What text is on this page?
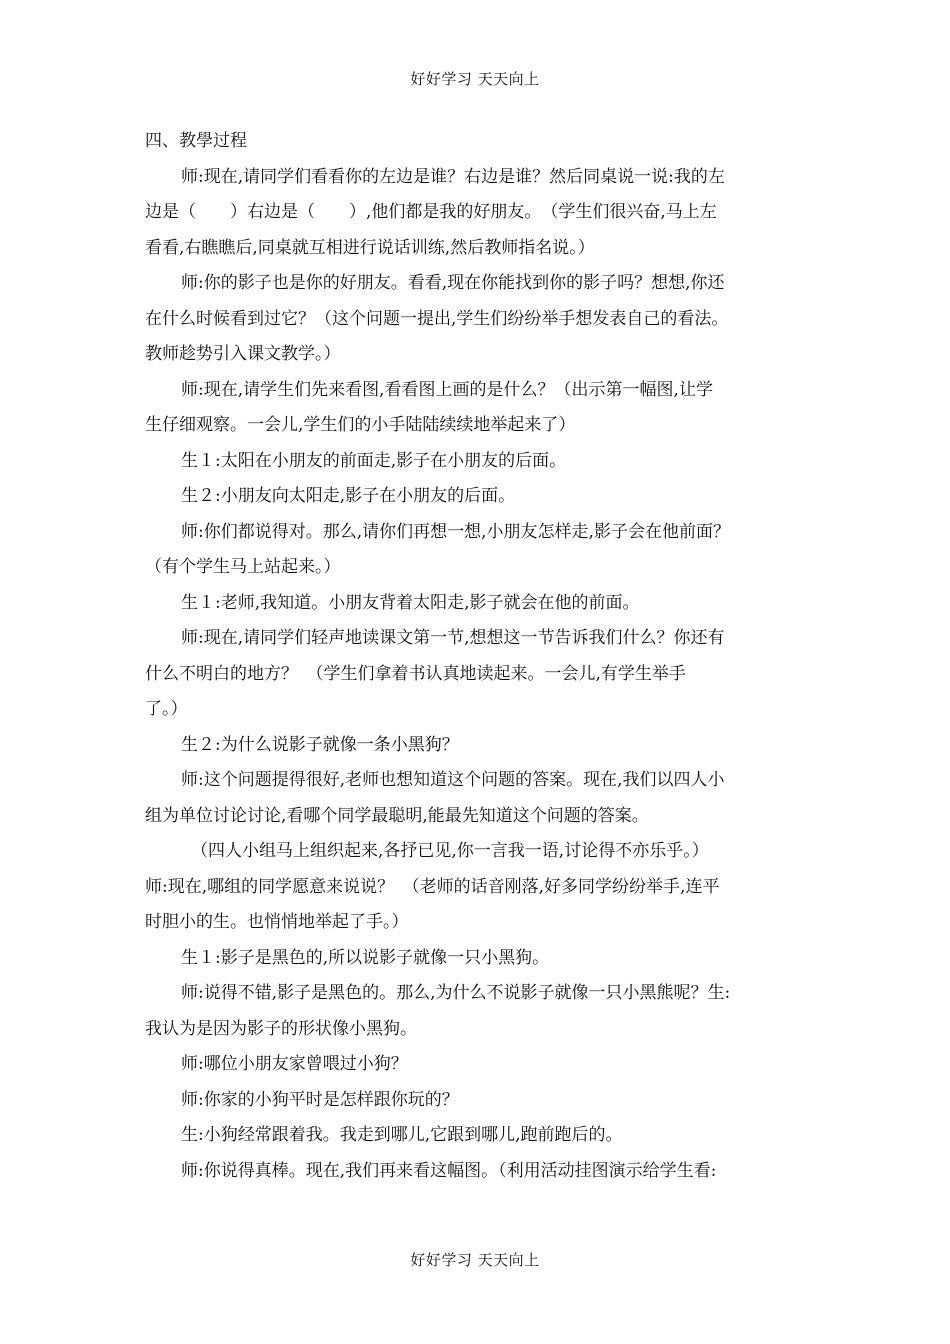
好好学习 天天向上
四、教學过程
师:现在,请同学们看看你的左边是谁？右边是谁？然后同桌说一说:我的左
边是（　　）右边是（　　）,他们都是我的好朋友。　（学生们很兴奋,马上左
看看,右瞧瞧后,同桌就互相进行说话训练,然后教师指名说。）
师:你的影子也是你的好朋友。看看,现在你能找到你的影子吗？想想,你还
在什么时候看到过它？（这个问题一提出,学生们纷纷举手想发表自己的看法。
教师趁势引入课文教学。）
师:现在,请学生们先来看图,看看图上画的是什么？（出示第一幅图,让学
生仔细观察。一会儿,学生们的小手陆陆续续地举起来了）
生１:太阳在小朋友的前面走,影子在小朋友的后面。
生２:小朋友向太阳走,影子在小朋友的后面。
师:你们都说得对。那么,请你们再想一想,小朋友怎样走,影子会在他前面？
（有个学生马上站起来。）
生１:老师,我知道。小朋友背着太阳走,影子就会在他的前面。
师:现在,请同学们轻声地读课文第一节,想想这一节告诉我们什么？你还有
什么不明白的地方？　（学生们拿着书认真地读起来。一会儿,有学生举手
了。）
生２:为什么说影子就像一条小黑狗？
师:这个问题提得很好,老师也想知道这个问题的答案。现在,我们以四人小
组为单位讨论讨论,看哪个同学最聪明,能最先知道这个问题的答案。
（四人小组马上组织起来,各抒已见,你一言我一语,讨论得不亦乐乎。）
师:现在,哪组的同学愿意来说说？　（老师的话音刚落,好多同学纷纷举手,连平
时胆小的生。也悄悄地举起了手。）
生１:影子是黑色的,所以说影子就像一只小黑狗。
师:说得不错,影子是黑色的。那么,为什么不说影子就像一只小黑熊呢？生:
我认为是因为影子的形状像小黑狗。
师:哪位小朋友家曾喂过小狗？
师:你家的小狗平时是怎样跟你玩的？
生:小狗经常跟着我。我走到哪儿,它跟到哪儿,跑前跑后的。
师:你说得真棒。现在,我们再来看这幅图。（利用活动挂图演示给学生看:
好好学习 天天向上
